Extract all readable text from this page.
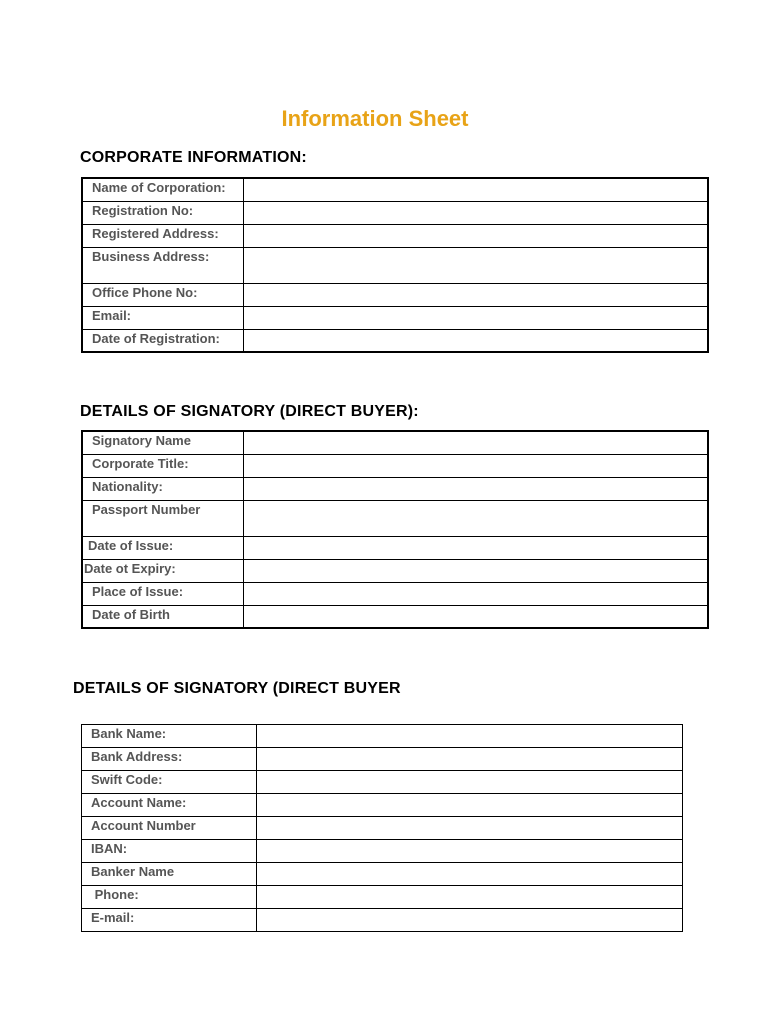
Information Sheet
CORPORATE INFORMATION:
Name of Corporation:	
Registration No:	
Registered Address:	
Business Address:	
Office Phone No:	
Email:	
Date of Registration:	
DETAILS OF SIGNATORY (DIRECT BUYER):
Signatory Name	
Corporate Title:	
Nationality:	
Passport Number	
Date of Issue:	
Date ot Expiry:	
Place of Issue:	
Date of Birth	
DETAILS OF SIGNATORY (DIRECT BUYER
Bank Name:	
Bank Address:	
Swift Code:	
Account Name:	
Account Number	
IBAN:	
Banker Name	
Phone:	
E-mail:	
